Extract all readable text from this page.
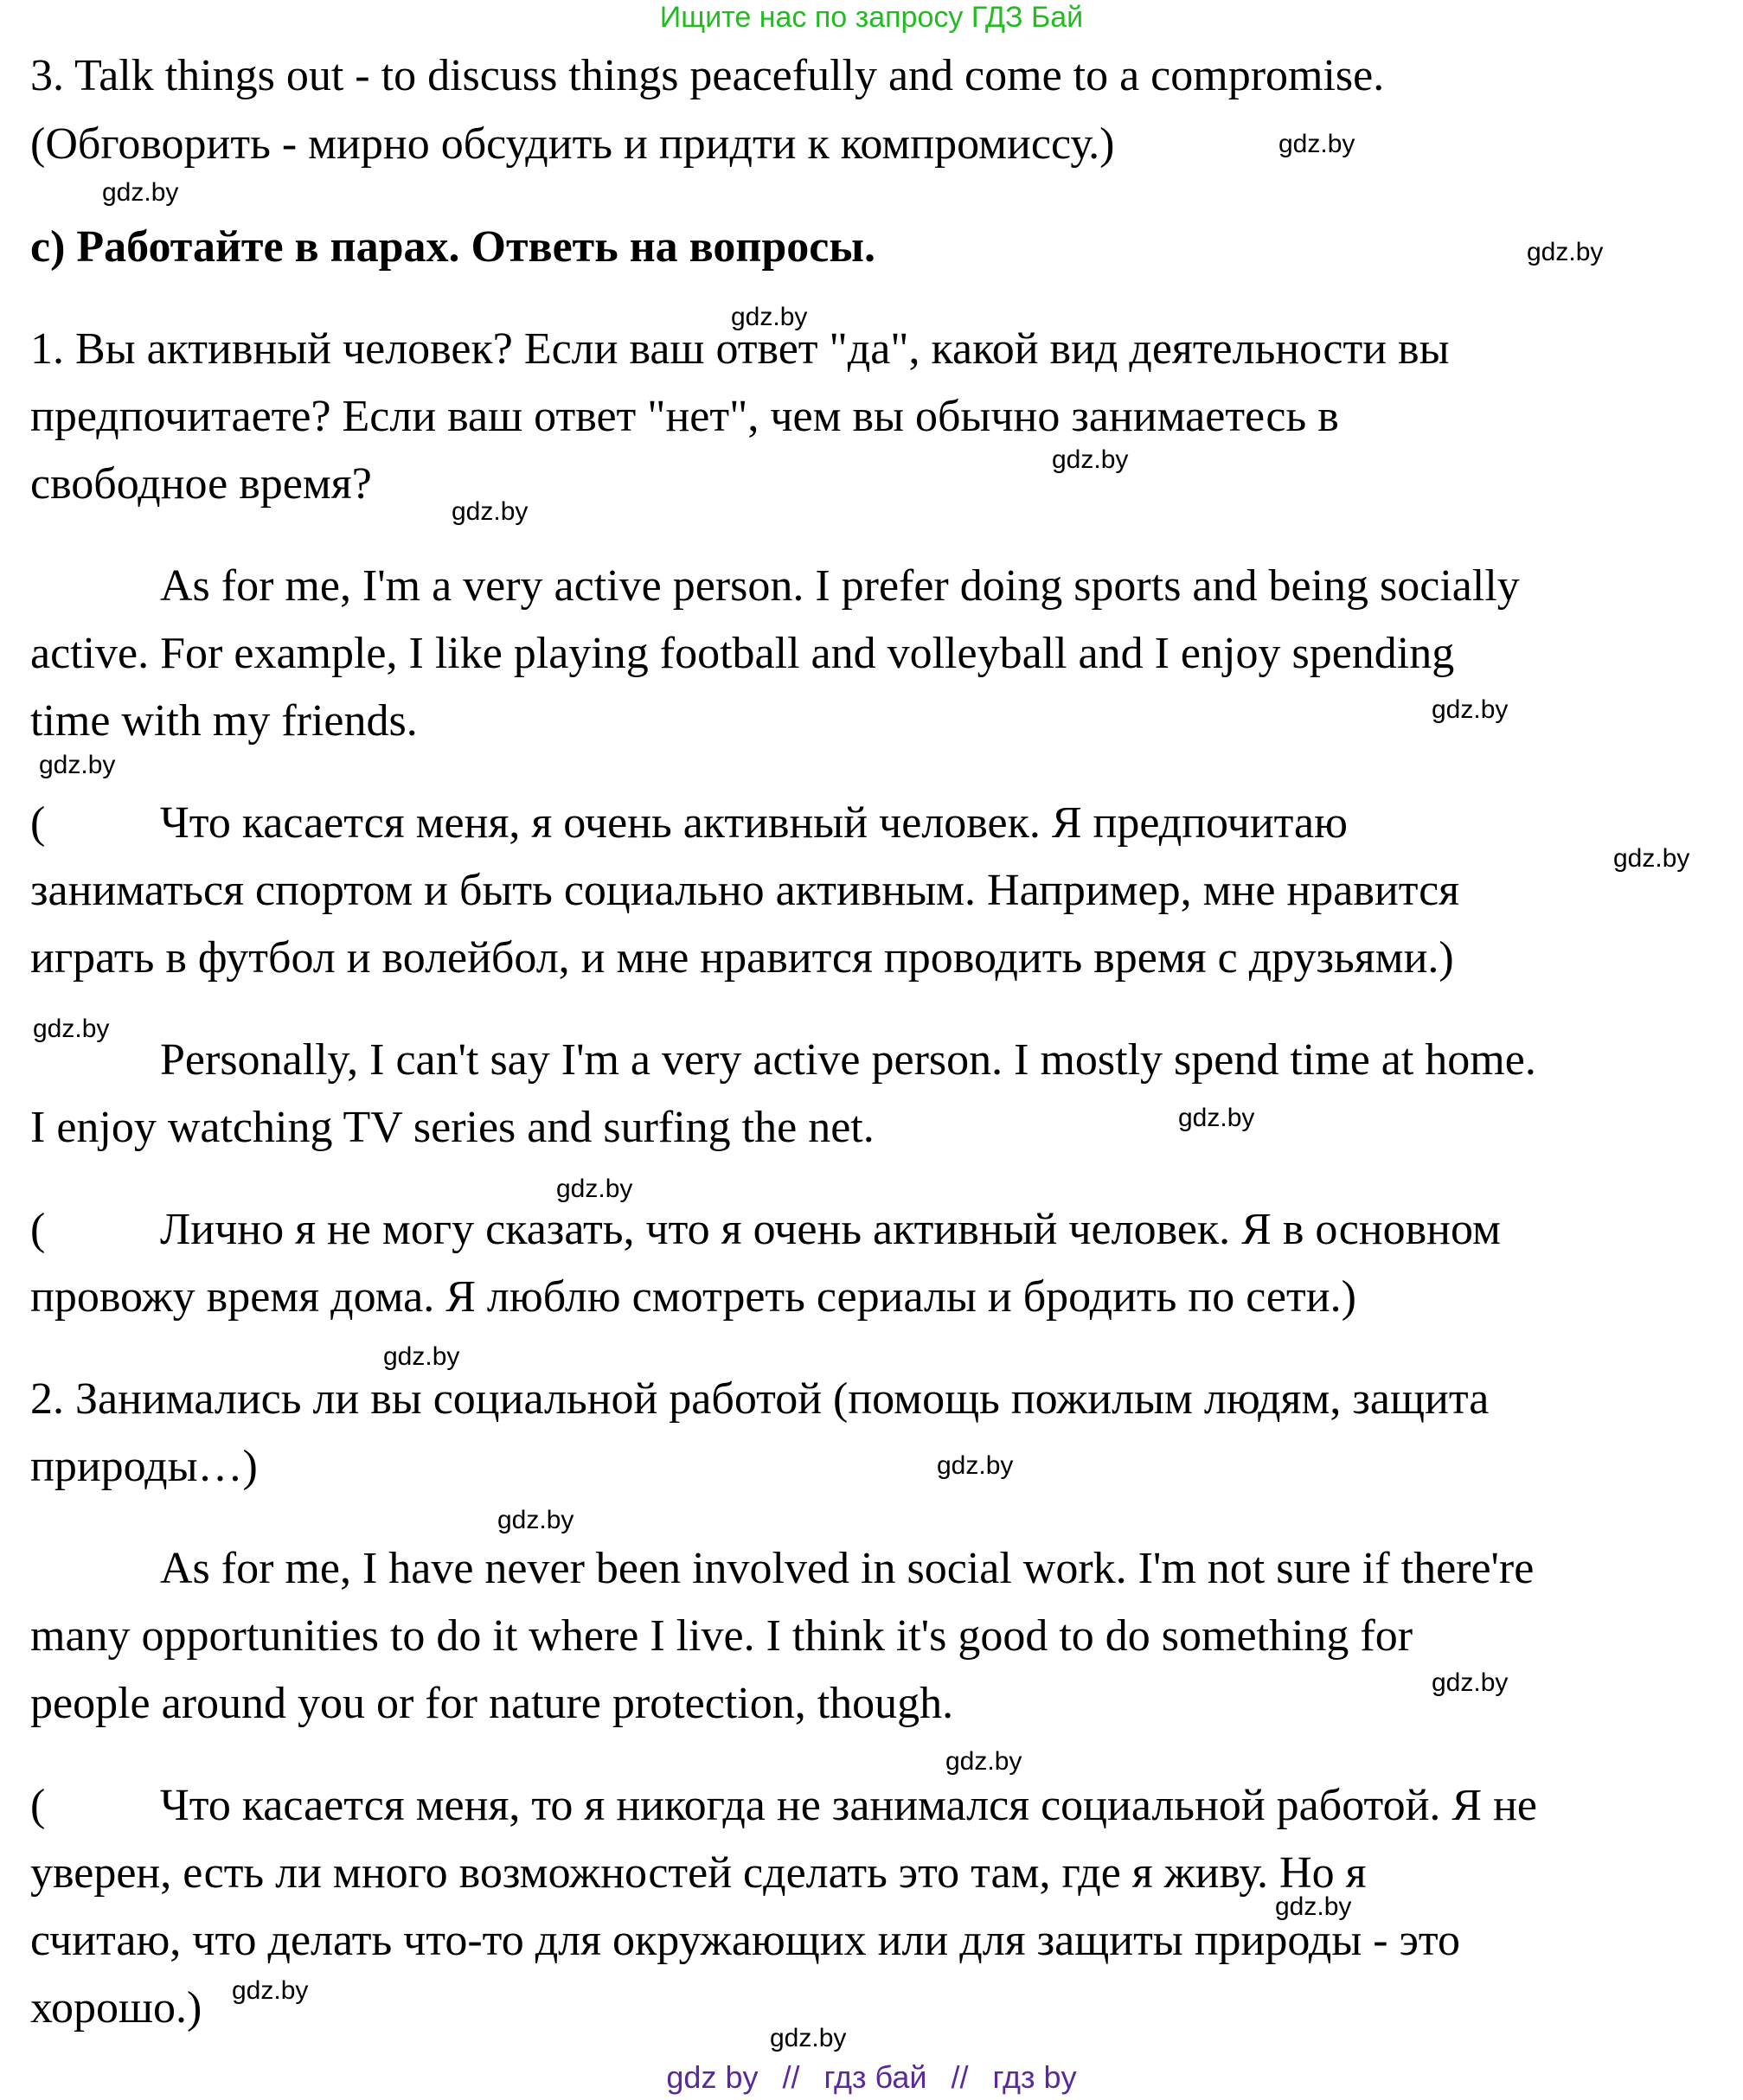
Ищите нас по запросу ГДЗ Бай
3. Talk things out - to discuss things peacefully and come to a compromise.
(Обговорить - мирно обсудить и придти к компромиссу.)
c) Работайте в парах. Ответь на вопросы.
1. Вы активный человек? Если ваш ответ "да", какой вид деятельности вы
предпочитаете? Если ваш ответ "нет", чем вы обычно занимаетесь в
свободное время?
As for me, I'm a very active person. I prefer doing sports and being socially
active. For example, I like playing football and volleyball and I enjoy spending
time with my friends.
(	Что касается меня, я очень активный человек. Я предпочитаю
заниматься спортом и быть социально активным. Например, мне нравится
играть в футбол и волейбол, и мне нравится проводить время с друзьями.)
Personally, I can't say I'm a very active person. I mostly spend time at home.
I enjoy watching TV series and surfing the net.
(	Лично я не могу сказать, что я очень активный человек. Я в основном
провожу время дома. Я люблю смотреть сериалы и бродить по сети.)
2. Занимались ли вы социальной работой (помощь пожилым людям, защита
природы…)
As for me, I have never been involved in social work. I'm not sure if there're
many opportunities to do it where I live. I think it's good to do something for
people around you or for nature protection, though.
(	Что касается меня, то я никогда не занимался социальной работой. Я не
уверен, есть ли много возможностей сделать это там, где я живу. Но я
считаю, что делать что-то для окружающих или для защиты природы - это
хорошо.)
gdz.by
gdz.by
gdz.by
gdz.by
gdz.by
gdz.by
gdz.by
gdz.by
gdz.by
gdz.by
gdz.by
gdz.by
gdz.by
gdz.by
gdz.by
gdz.by
gdz.by
gdz.by
gdz.by
gdz.by
gdz by // гдз бай // гдз by
